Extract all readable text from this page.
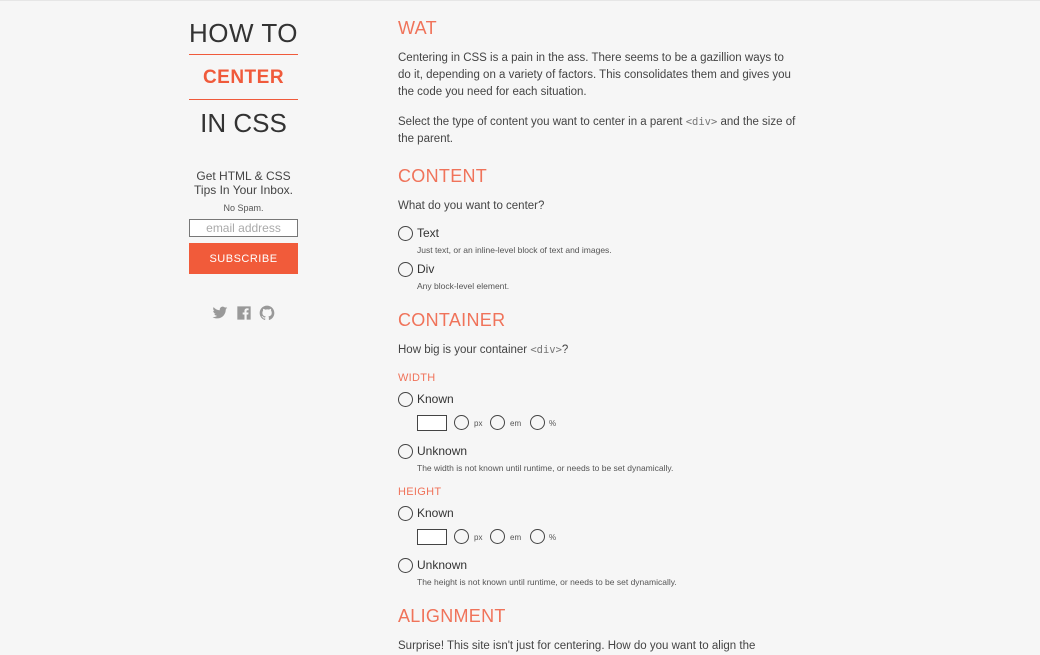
HOW TO
CENTER
IN CSS
Get HTML & CSS
Tips In Your Inbox.
No Spam.
email address
SUBSCRIBE
WAT
Centering in CSS is a pain in the ass. There seems to be a gazillion ways to do it, depending on a variety of factors. This consolidates them and gives you the code you need for each situation.
Select the type of content you want to center in a parent <div> and the size of the parent.
CONTENT
What do you want to center?
Text
Just text, or an inline-level block of text and images.
Div
Any block-level element.
CONTAINER
How big is your container <div>?
WIDTH
Known
px	em	%
Unknown
The width is not known until runtime, or needs to be set dynamically.
HEIGHT
Known
px	em	%
Unknown
The height is not known until runtime, or needs to be set dynamically.
ALIGNMENT
Surprise! This site isn't just for centering. How do you want to align the
